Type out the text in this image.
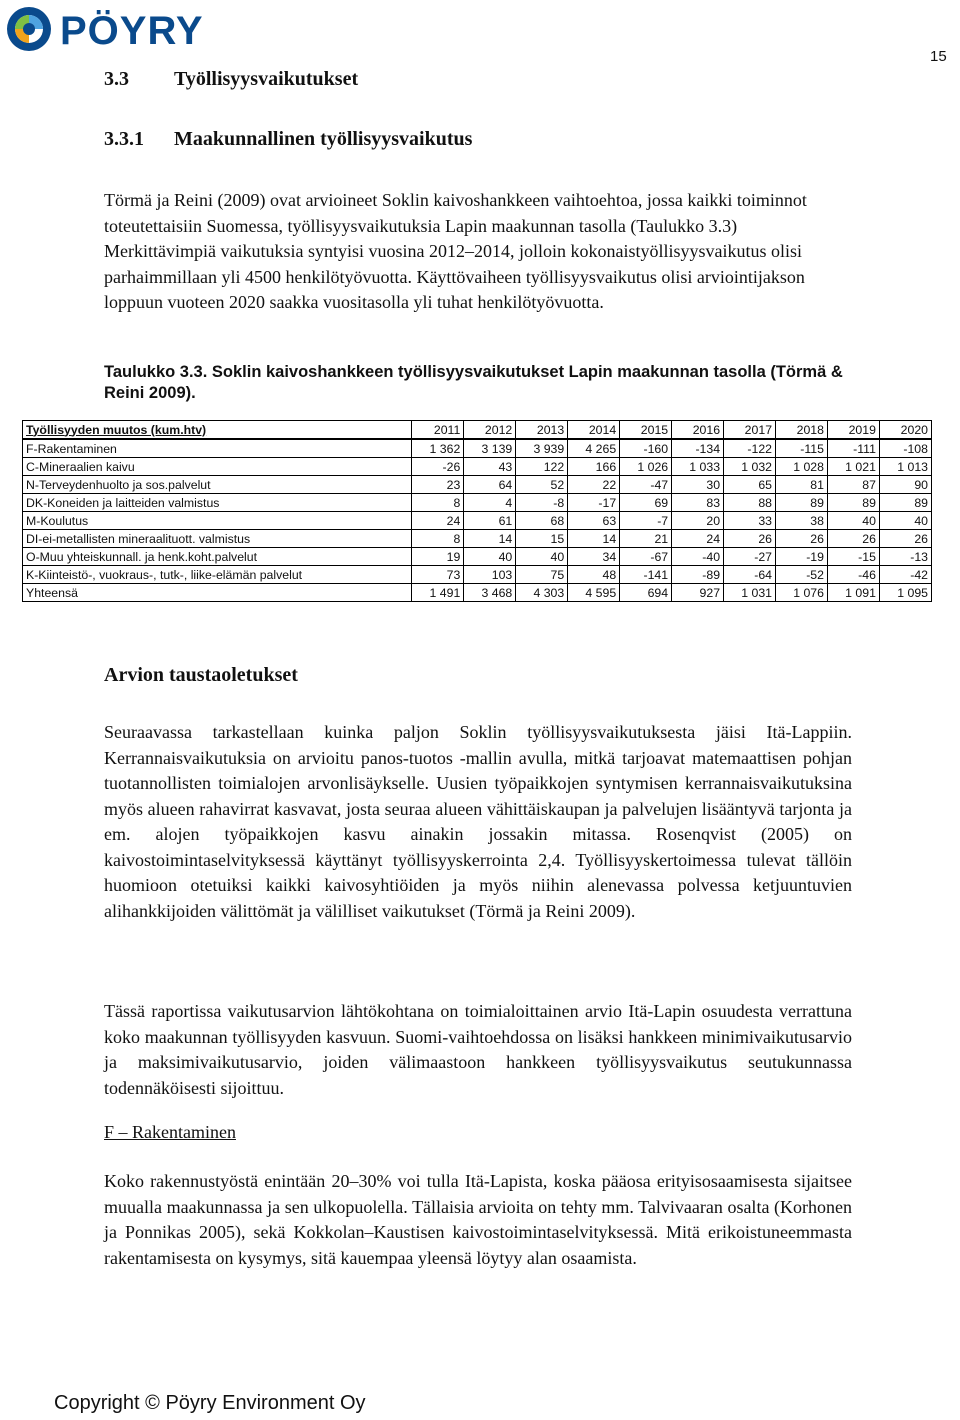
PÖYRY
15
3.3 Työllisyysvaikutukset
3.3.1 Maakunnallinen työllisyysvaikutus

Törmä ja Reini (2009) ovat arvioineet Soklin kaivoshankkeen vaihtoehtoa, jossa kaikki toiminnot toteutettaisiin Suomessa, työllisyysvaikutuksia Lapin maakunnan tasolla (Taulukko 3.3) Merkittävimpiä vaikutuksia syntyisi vuosina 2012–2014, jolloin kokonaistyöllisyysvaikutus olisi parhaimmillaan yli 4500 henkilötyövuotta. Käyttövaiheen työllisyysvaikutus olisi arviointijakson loppuun vuoteen 2020 saakka vuositasolla yli tuhat henkilötyövuotta.

Taulukko 3.3. Soklin kaivoshankkeen työllisyysvaikutukset Lapin maakunnan tasolla (Törmä & Reini 2009).
Työllisyyden muutos (kum.htv)	2011	2012	2013	2014	2015	2016	2017	2018	2019	2020
F-Rakentaminen	1 362	3 139	3 939	4 265	-160	-134	-122	-115	-111	-108
C-Mineraalien kaivu	-26	43	122	166	1 026	1 033	1 032	1 028	1 021	1 013
N-Terveydenhuolto ja sos.palvelut	23	64	52	22	-47	30	65	81	87	90
DK-Koneiden ja laitteiden valmistus	8	4	-8	-17	69	83	88	89	89	89
M-Koulutus	24	61	68	63	-7	20	33	38	40	40
DI-ei-metallisten mineraalituott. valmistus	8	14	15	14	21	24	26	26	26	26
O-Muu yhteiskunnall. ja henk.koht.palvelut	19	40	40	34	-67	-40	-27	-19	-15	-13
K-Kiinteistö-, vuokraus-, tutk-, liike-elämän palvelut	73	103	75	48	-141	-89	-64	-52	-46	-42
Yhteensä	1 491	3 468	4 303	4 595	694	927	1 031	1 076	1 091	1 095
Arvion taustaoletukset

Seuraavassa tarkastellaan kuinka paljon Soklin työllisyysvaikutuksesta jäisi Itä-Lappiin. Kerrannaisvaikutuksia on arvioitu panos-tuotos -mallin avulla, mitkä tarjoavat matemaattisen pohjan tuotannollisten toimialojen arvonlisäykselle. Uusien työpaikkojen syntymisen kerrannaisvaikutuksina myös alueen rahavirrat kasvavat, josta seuraa alueen vähittäiskaupan ja palvelujen lisääntyvä tarjonta ja em. alojen työpaikkojen kasvu ainakin jossakin mitassa. Rosenqvist (2005) on kaivostoimintaselvityksessä käyttänyt työllisyyskerrointa 2,4. Työllisyyskertoimessa tulevat tällöin huomioon otetuiksi kaikki kaivosyhtiöiden ja myös niihin alenevassa polvessa ketjuuntuvien alihankkijoiden välittömät ja välilliset vaikutukset (Törmä ja Reini 2009).

Tässä raportissa vaikutusarvion lähtökohtana on toimialoittainen arvio Itä-Lapin osuudesta verrattuna koko maakunnan työllisyyden kasvuun. Suomi-vaihtoehdossa on lisäksi hankkeen minimivaikutusarvio ja maksimivaikutusarvio, joiden välimaastoon hankkeen työllisyysvaikutus seutukunnassa todennäköisesti sijoittuu.

F – Rakentaminen

Koko rakennustyöstä enintään 20–30% voi tulla Itä-Lapista, koska pääosa erityisosaamisesta sijaitsee muualla maakunnassa ja sen ulkopuolella. Tällaisia arvioita on tehty mm. Talvivaaran osalta (Korhonen ja Ponnikas 2005), sekä Kokkolan–Kaustisen kaivostoimintaselvityksessä. Mitä erikoistuneemmasta rakentamisesta on kysymys, sitä kauempaa yleensä löytyy alan osaamista.

Copyright © Pöyry Environment Oy
